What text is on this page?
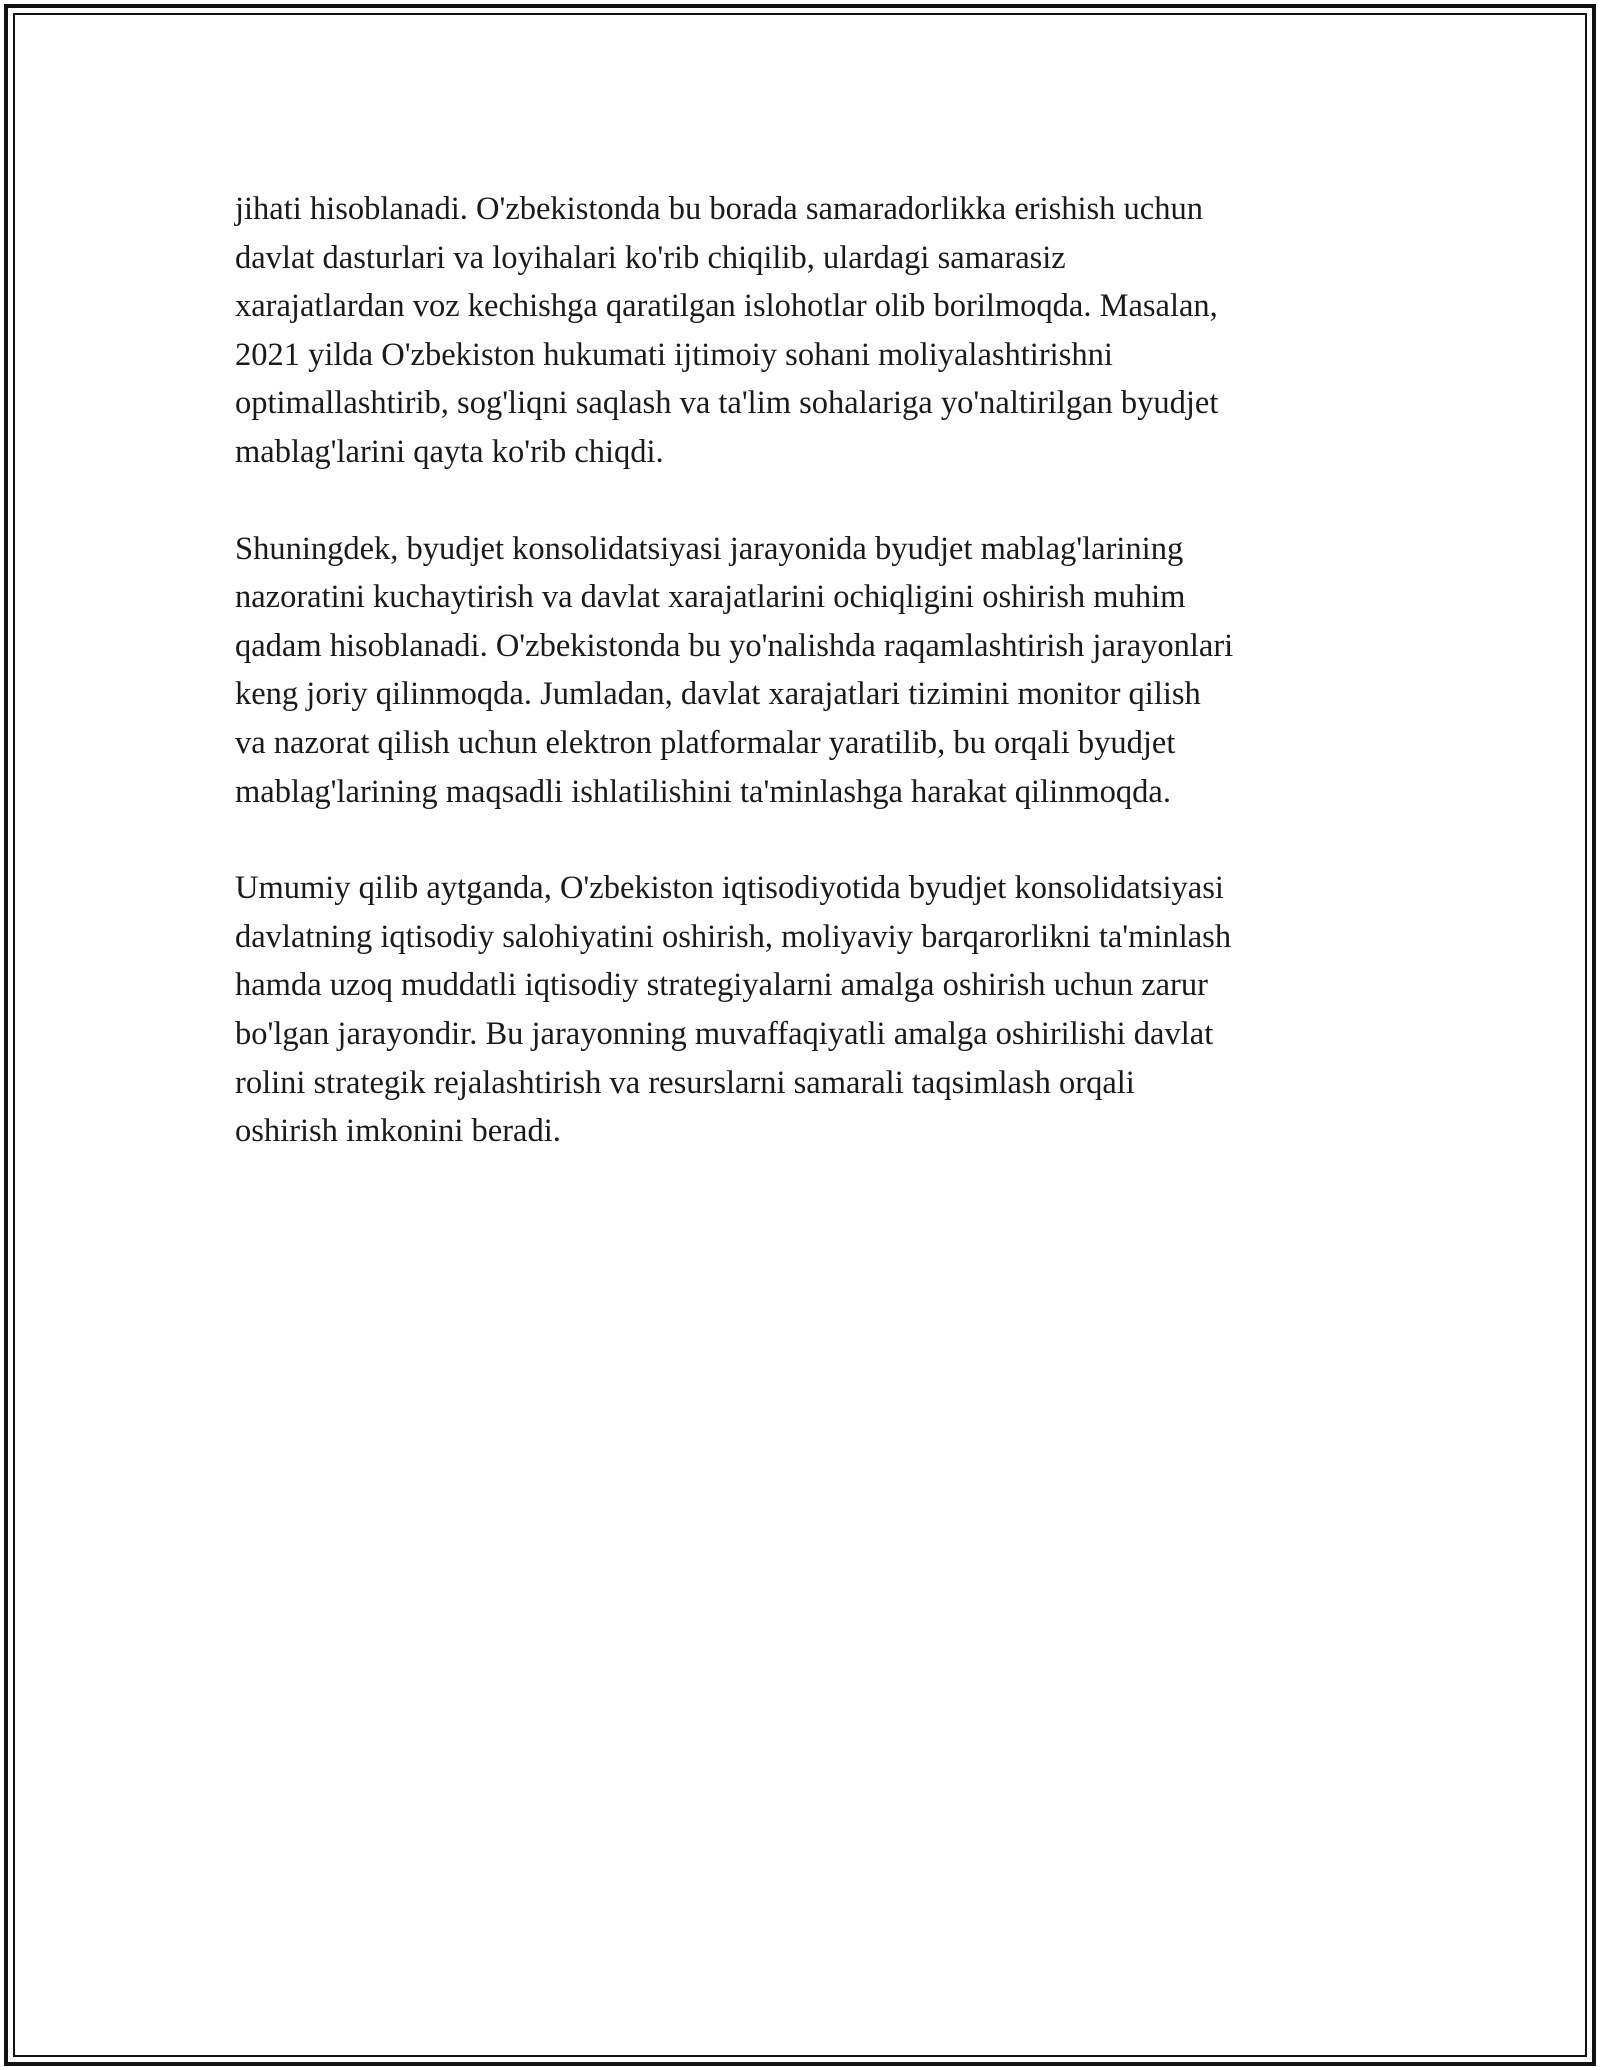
jihati hisoblanadi. O'zbekistonda bu borada samaradorlikka erishish uchun
davlat dasturlari va loyihalari ko'rib chiqilib, ulardagi samarasiz
xarajatlardan voz kechishga qaratilgan islohotlar olib borilmoqda. Masalan,
2021 yilda O'zbekiston hukumati ijtimoiy sohani moliyalashtirishni
optimallashtirib, sog'liqni saqlash va ta'lim sohalariga yo'naltirilgan byudjet
mablag'larini qayta ko'rib chiqdi.

Shuningdek, byudjet konsolidatsiyasi jarayonida byudjet mablag'larining
nazoratini kuchaytirish va davlat xarajatlarini ochiqligini oshirish muhim
qadam hisoblanadi. O'zbekistonda bu yo'nalishda raqamlashtirish jarayonlari
keng joriy qilinmoqda. Jumladan, davlat xarajatlari tizimini monitor qilish
va nazorat qilish uchun elektron platformalar yaratilib, bu orqali byudjet
mablag'larining maqsadli ishlatilishini ta'minlashga harakat qilinmoqda.

Umumiy qilib aytganda, O'zbekiston iqtisodiyotida byudjet konsolidatsiyasi
davlatning iqtisodiy salohiyatini oshirish, moliyaviy barqarorlikni ta'minlash
hamda uzoq muddatli iqtisodiy strategiyalarni amalga oshirish uchun zarur
bo'lgan jarayondir. Bu jarayonning muvaffaqiyatli amalga oshirilishi davlat
rolini strategik rejalashtirish va resurslarni samarali taqsimlash orqali
oshirish imkonini beradi.
